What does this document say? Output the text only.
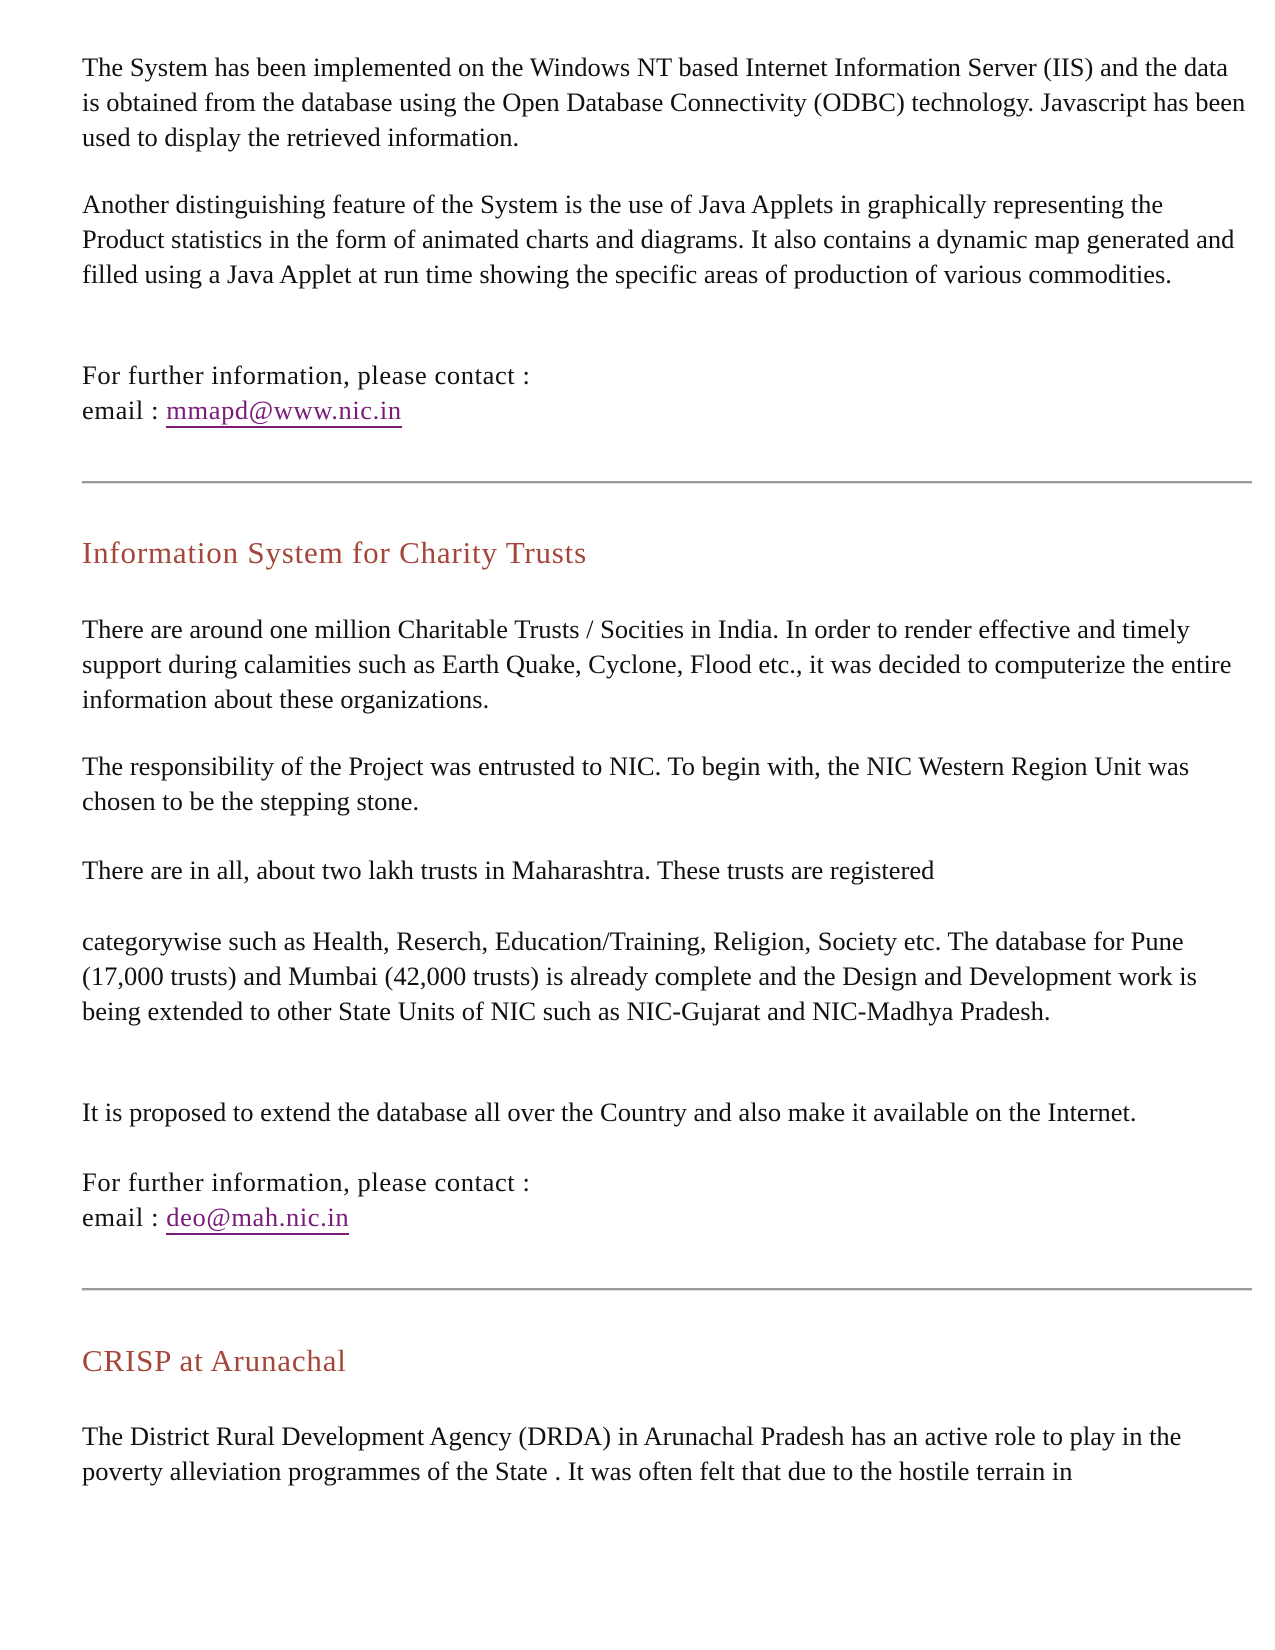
The System has been implemented on the Windows NT based Internet Information Server (IIS) and the data is obtained from the database using the Open Database Connectivity (ODBC) technology. Javascript has been used to display the retrieved information.

Another distinguishing feature of the System is the use of Java Applets in graphically representing the Product statistics in the form of animated charts and diagrams. It also contains a dynamic map generated and filled using a Java Applet at run time showing the specific areas of production of various commodities.

For further information, please contact :
email : mmapd@www.nic.in
Information System for Charity Trusts

There are around one million Charitable Trusts / Socities in India. In order to render effective and timely support during calamities such as Earth Quake, Cyclone, Flood etc., it was decided to computerize the entire information about these organizations.

The responsibility of the Project was entrusted to NIC. To begin with, the NIC Western Region Unit was chosen to be the stepping stone.

There are in all, about two lakh trusts in Maharashtra. These trusts are registered

categorywise such as Health, Reserch, Education/Training, Religion, Society etc. The database for Pune (17,000 trusts) and Mumbai (42,000 trusts) is already complete and the Design and Development work is being extended to other State Units of NIC such as NIC-Gujarat and NIC-Madhya Pradesh.

It is proposed to extend the database all over the Country and also make it available on the Internet.

For further information, please contact :
email : deo@mah.nic.in
CRISP at Arunachal

The District Rural Development Agency (DRDA) in Arunachal Pradesh has an active role to play in the poverty alleviation programmes of the State . It was often felt that due to the hostile terrain in
